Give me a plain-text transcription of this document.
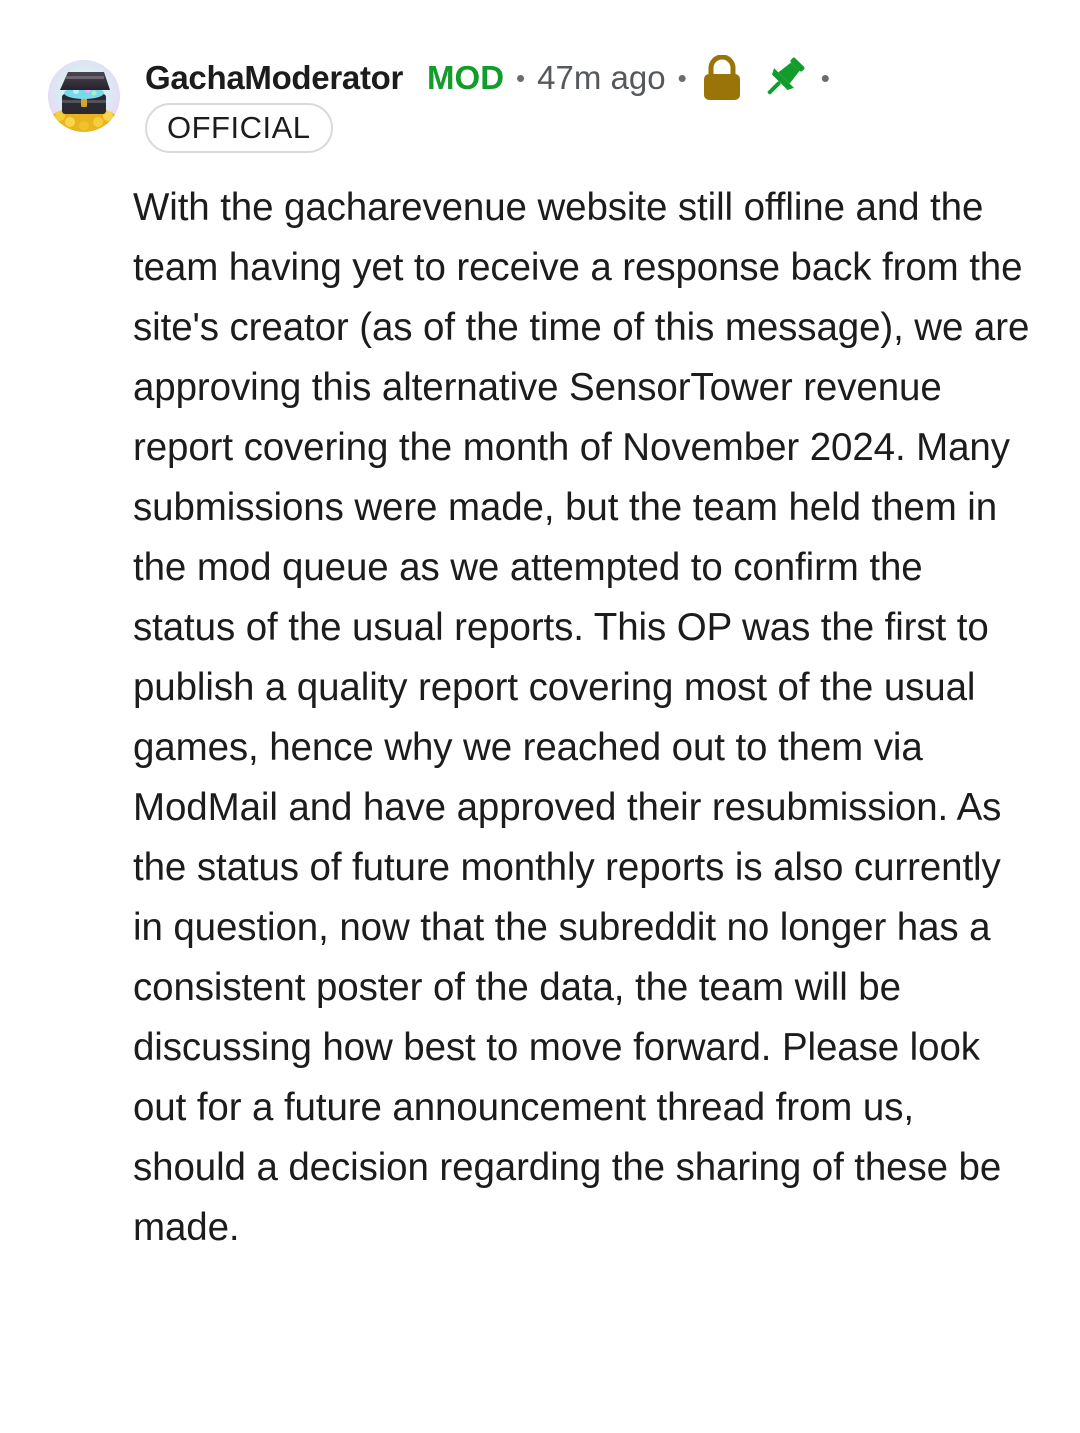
GachaModerator MOD • 47m ago •	•
OFFICIAL

With the gacharevenue website still offline and the team having yet to receive a response back from the site's creator (as of the time of this message), we are approving this alternative SensorTower revenue report covering the month of November 2024. Many submissions were made, but the team held them in the mod queue as we attempted to confirm the status of the usual reports. This OP was the first to publish a quality report covering most of the usual games, hence why we reached out to them via ModMail and have approved their resubmission. As the status of future monthly reports is also currently in question, now that the subreddit no longer has a consistent poster of the data, the team will be discussing how best to move forward. Please look out for a future announcement thread from us, should a decision regarding the sharing of these be made.
